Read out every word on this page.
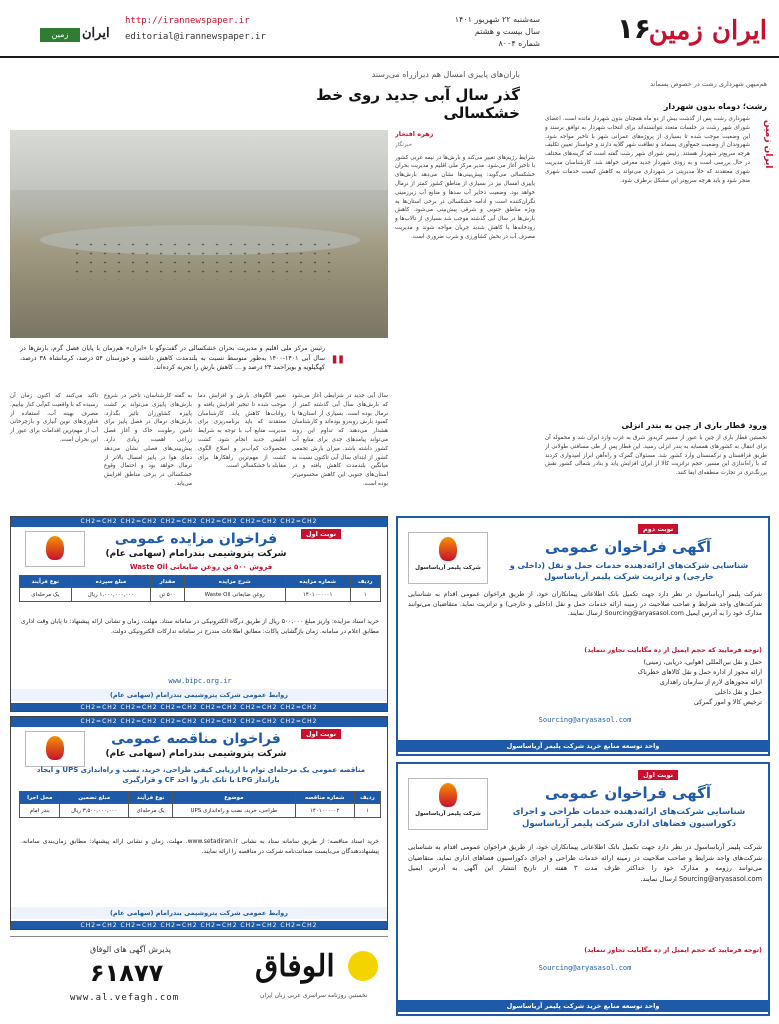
ایران زمین
۱۶
سه‌شنبه ۲۲ شهریور ۱۴۰۱
سال بیست و هشتم
شماره ۸۰۰۴
http://irannewspaper.ir
editorial@irannewspaper.ir
زمین	ایران
باران‌های پاییزی امسال هم دیرازراه می‌رسند
گذر سال آبی جدید روی خط خشکسالی
زهره افتخار
خبرنگار
شرایط رژیم‌های تغییر می‌کند و بارش‌ها در نیمه غربی کشور با تاخیر آغاز می‌شود. مدیر مرکز ملی اقلیم و مدیریت بحران خشکسالی می‌گوید: پیش‌بینی‌ها نشان می‌دهد بارش‌های پاییزی امسال نیز در بسیاری از مناطق کشور کمتر از نرمال خواهد بود. وضعیت ذخایر آب سدها و منابع آب زیرزمینی نگران‌کننده است و ادامه خشکسالی در برخی استان‌ها به ویژه مناطق جنوبی و شرقی پیش‌بینی می‌شود. کاهش بارش‌ها در سال آبی گذشته موجب شد بسیاری از تالاب‌ها و رودخانه‌ها با کاهش شدید جریان مواجه شوند و مدیریت مصرف آب در بخش کشاورزی و شرب ضروری است.
"
رئیس مرکز ملی اقلیم و مدیریت بحران خشکسالی در گفت‌وگو با «ایران» هم‌زمان با پایان فصل گرم، بارش‌ها در سال آبی ۱۴۰۱-۱۴۰۰ به‌طور متوسط نسبت به بلندمدت کاهش داشته و خوزستان ۵۴ درصد، کرمانشاه ۳۸ درصد، کهگیلویه و بویراحمد ۲۴ درصد و ... کاهش بارش را تجربه کرده‌اند.
تاکید می‌کنند که اکنون زمان آن رسیده که با واقعیت کم‌آبی کنار بیاییم. مصرف بهینه آب، استفاده از فناوری‌های نوین آبیاری و بازچرخانی آب از مهم‌ترین اقدامات برای عبور از این بحران است.
به گفته کارشناسان، تاخیر در شروع بارش‌های پاییزی می‌تواند بر کشت پاییزه کشاورزان تاثیر بگذارد. بارش‌های نرمال در فصل پاییز برای تامین رطوبت خاک و آغاز فصل زراعی اهمیت زیادی دارد. پیش‌بینی‌های فصلی نشان می‌دهد دمای هوا در پاییز امسال بالاتر از نرمال خواهد بود و احتمال وقوع خشکسالی در برخی مناطق افزایش می‌یابد.
تغییر الگوهای بارش و افزایش دما موجب شده تا تبخیر افزایش یافته و رواناب‌ها کاهش یابد. کارشناسان معتقدند که باید برنامه‌ریزی برای مدیریت منابع آب با توجه به شرایط اقلیمی جدید انجام شود. کشت محصولات کم‌آب‌بر و اصلاح الگوی کشت از مهم‌ترین راهکارها برای مقابله با خشکسالی است.
سال آبی جدید در شرایطی آغاز می‌شود که بارش‌های سال آبی گذشته کمتر از نرمال بوده است. بسیاری از استان‌ها با کمبود بارش روبه‌رو بوده‌اند و کارشناسان هشدار می‌دهند که تداوم این روند می‌تواند پیامدهای جدی برای منابع آب کشور داشته باشد. میزان بارش تجمعی کشور از ابتدای سال آبی تاکنون نسبت به میانگین بلندمدت کاهش یافته و در استان‌های جنوبی این کاهش محسوس‌تر بوده است.
هم‌میهن شهرداری رشت در خصوص پسماند
رشت؛ دوماه بدون شهردار
ایران زمین
شهرداری رشت پس از گذشت بیش از دو ماه همچنان بدون شهردار مانده است. اعضای شورای شهر رشت در جلسات متعدد نتوانسته‌اند برای انتخاب شهردار به توافق برسند و این وضعیت موجب شده تا بسیاری از پروژه‌های عمرانی شهر با تاخیر مواجه شود. شهروندان از وضعیت جمع‌آوری پسماند و نظافت شهر گلایه دارند و خواستار تعیین تکلیف هرچه سریع‌تر شهردار هستند. رئیس شورای شهر رشت گفته است که گزینه‌های مختلف در حال بررسی است و به زودی شهردار جدید معرفی خواهد شد. کارشناسان مدیریت شهری معتقدند که خلأ مدیریتی در شهرداری می‌تواند به کاهش کیفیت خدمات شهری منجر شود و باید هرچه سریع‌تر این مشکل برطرف شود.
ورود قطار باری از چین به بندر انزلی
نخستین قطار باری از چین با عبور از مسیر کریدور شرق به غرب وارد ایران شد و محموله آن برای انتقال به کشورهای همسایه به بندر انزلی رسید. این قطار پس از طی مسافتی طولانی از طریق قزاقستان و ترکمنستان وارد کشور شد. مسئولان گمرک و راه‌آهن ابراز امیدواری کردند که با راه‌اندازی این مسیر، حجم ترانزیت کالا از ایران افزایش یابد و بنادر شمالی کشور نقش پررنگ‌تری در تجارت منطقه‌ای ایفا کنند.
CH2=CH2 CH2=CH2 CH2=CH2 CH2=CH2 CH2=CH2 CH2=CH2
نوبت اول
فراخوان مزایده عمومی
شرکت پتروشیمی بندرامام (سهامی عام)
فروش ۵۰۰ تن روغن ضایعاتی Waste Oil
ردیف	شماره مزایده	شرح مزایده	مقدار	مبلغ سپرده	نوع فرآیند
۱	۱۴۰۱۰۰۰۰۰۱	روغن ضایعاتی Waste Oil	۵۰۰ تن	۱,۰۰۰,۰۰۰,۰۰۰ ریال	یک مرحله‌ای
خرید اسناد مزایده: واریز مبلغ ۵۰۰,۰۰۰ ریال از طریق درگاه الکترونیکی در سامانه ستاد. مهلت، زمان و نشانی ارائه پیشنهاد: تا پایان وقت اداری مطابق اعلام در سامانه. زمان بازگشایی پاکات: مطابق اطلاعات مندرج در سامانه تدارکات الکترونیکی دولت.
www.bipc.org.ir
روابط عمومی شرکت پتروشیمی بندرامام (سهامی عام)
CH2=CH2 CH2=CH2 CH2=CH2 CH2=CH2 CH2=CH2 CH2=CH2
CH2=CH2 CH2=CH2 CH2=CH2 CH2=CH2 CH2=CH2 CH2=CH2
نوبت اول
فراخوان مناقصه عمومی
شرکت پتروشیمی بندرامام (سهامی عام)
مناقصه عمومی یک مرحله‌ای توام با ارزیابی کیفی طراحی، خرید، نصب و راه‌اندازی UPS و ایجاد بارانداز LPG با تانک بار وا احد CF و قرارگیری
ردیف	شماره مناقصه	موضوع	نوع فرآیند	مبلغ تضمین	محل اجرا
۱	۱۴۰۱۰۰۰۰۰۲	طراحی، خرید، نصب و راه‌اندازی UPS	یک مرحله‌ای	۳,۵۰۰,۰۰۰,۰۰۰ ریال	بندر امام
خرید اسناد مناقصه: از طریق سامانه ستاد به نشانی www.setadiran.ir. مهلت، زمان و نشانی ارائه پیشنهاد: مطابق زمان‌بندی سامانه. پیشنهاددهندگان می‌بایست ضمانت‌نامه شرکت در مناقصه را ارائه نمایند.
روابط عمومی شرکت پتروشیمی بندرامام (سهامی عام)
CH2=CH2 CH2=CH2 CH2=CH2 CH2=CH2 CH2=CH2 CH2=CH2
نوبت دوم
آگهی فراخوان عمومی
شرکت پلیمر آریاساسول	شناسایی شرکت‌های ارائه‌دهنده خدمات حمل و نقل (داخلی و خارجی) و ترانزیت شرکت پلیمر آریاساسول
شرکت پلیمر آریاساسول در نظر دارد جهت تکمیل بانک اطلاعاتی پیمانکاران خود، از طریق فراخوان عمومی اقدام به شناسایی شرکت‌های واجد شرایط و صاحب صلاحیت در زمینه ارائه خدمات حمل و نقل (داخلی و خارجی) و ترانزیت نماید. متقاضیان می‌توانند مدارک خود را به آدرس ایمیل Sourcing@aryasasol.com ارسال نمایند.
(توجه فرمایید که حجم ایمیل از ده مگابایت تجاوز ننماید)
حمل و نقل بین‌المللی (هوایی، دریایی، زمینی)
ارائه مجوز از اداره حمل و نقل کالاهای خطرناک
ارائه مجوزهای لازم از سازمان راهداری
حمل و نقل داخلی
ترخیص کالا و امور گمرکی
Sourcing@aryasasol.com
واحد توسعه منابع خرید شرکت پلیمر آریاساسول
نوبت اول
آگهی فراخوان عمومی
شرکت پلیمر آریاساسول	شناسایی شرکت‌های ارائه‌دهنده خدمات طراحی و اجرای دکوراسیون فضاهای اداری شرکت پلیمر آریاساسول
شرکت پلیمر آریاساسول در نظر دارد جهت تکمیل بانک اطلاعاتی پیمانکاران خود، از طریق فراخوان عمومی اقدام به شناسایی شرکت‌های واجد شرایط و صاحب صلاحیت در زمینه ارائه خدمات طراحی و اجرای دکوراسیون فضاهای اداری نماید. متقاضیان می‌توانند رزومه و مدارک خود را حداکثر ظرف مدت ۳ هفته از تاریخ انتشار این آگهی به آدرس ایمیل Sourcing@aryasasol.com ارسال نمایند.
(توجه فرمایید که حجم ایمیل از ده مگابایت تجاوز ننماید)
Sourcing@aryasasol.com
واحد توسعه منابع خرید شرکت پلیمر آریاساسول
الوفاق
نخستین روزنامه سراسری عربی زبان ایران
پذیرش آگهی های الوفاق
۶۱۸۷۷
www.al.vefagh.com
